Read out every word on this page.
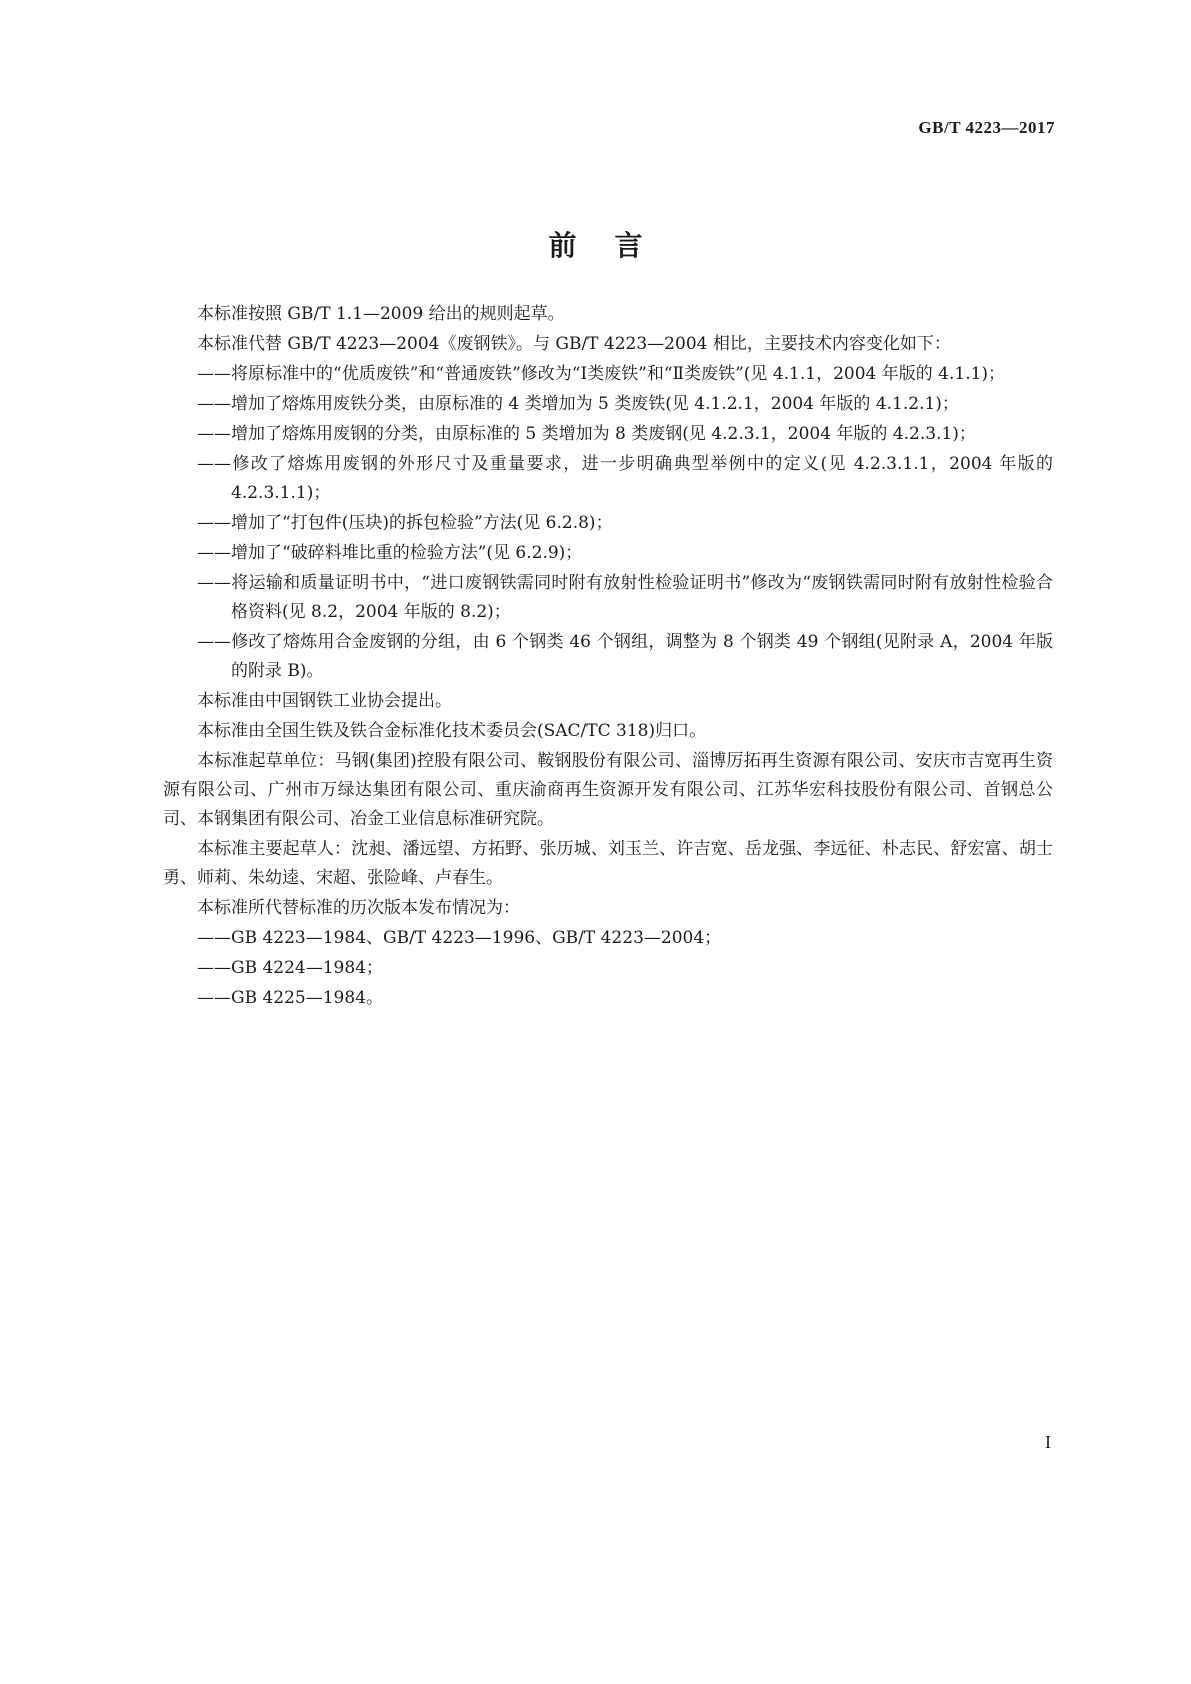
GB/T 4223—2017
前言

本标准按照 GB/T 1.1—2009 给出的规则起草。

本标准代替 GB/T 4223—2004《废钢铁》。与 GB/T 4223—2004 相比，主要技术内容变化如下：

——将原标准中的“优质废铁”和“普通废铁”修改为“Ⅰ类废铁”和“Ⅱ类废铁”(见 4.1.1，2004 年版的 4.1.1)；

——增加了熔炼用废铁分类，由原标准的 4 类增加为 5 类废铁(见 4.1.2.1，2004 年版的 4.1.2.1)；

——增加了熔炼用废钢的分类，由原标准的 5 类增加为 8 类废钢(见 4.2.3.1，2004 年版的 4.2.3.1)；

——修改了熔炼用废钢的外形尺寸及重量要求，进一步明确典型举例中的定义(见 4.2.3.1.1，2004 年版的 4.2.3.1.1)；

——增加了“打包件(压块)的拆包检验”方法(见 6.2.8)；

——增加了“破碎料堆比重的检验方法”(见 6.2.9)；

——将运输和质量证明书中，“进口废钢铁需同时附有放射性检验证明书”修改为“废钢铁需同时附有放射性检验合格资料(见 8.2，2004 年版的 8.2)；

——修改了熔炼用合金废钢的分组，由 6 个钢类 46 个钢组，调整为 8 个钢类 49 个钢组(见附录 A，2004 年版的附录 B)。

本标准由中国钢铁工业协会提出。

本标准由全国生铁及铁合金标准化技术委员会(SAC/TC 318)归口。

本标准起草单位：马钢(集团)控股有限公司、鞍钢股份有限公司、淄博厉拓再生资源有限公司、安庆市吉宽再生资源有限公司、广州市万绿达集团有限公司、重庆渝商再生资源开发有限公司、江苏华宏科技股份有限公司、首钢总公司、本钢集团有限公司、冶金工业信息标准研究院。

本标准主要起草人：沈昶、潘远望、方拓野、张历城、刘玉兰、许吉宽、岳龙强、李远征、朴志民、舒宏富、胡士勇、师莉、朱幼逵、宋超、张险峰、卢春生。

本标准所代替标准的历次版本发布情况为：

——GB 4223—1984、GB/T 4223—1996、GB/T 4223—2004；

——GB 4224—1984；

——GB 4225—1984。

I
